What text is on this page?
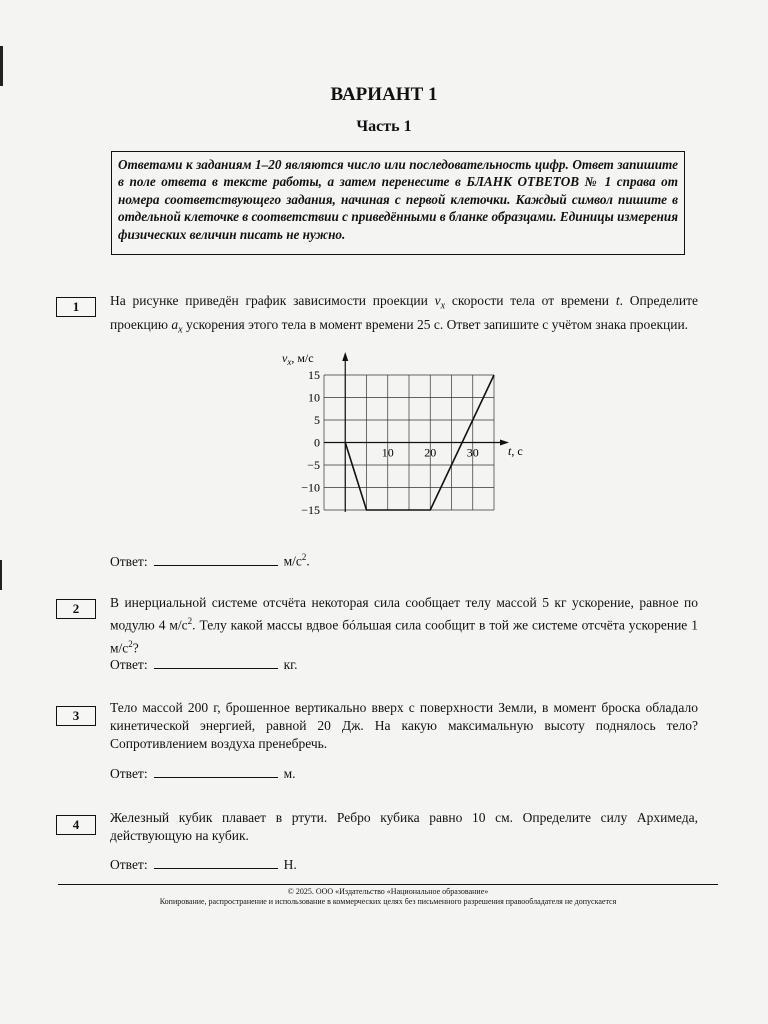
ВАРИАНТ 1
Часть 1
Ответами к заданиям 1–20 являются число или последовательность цифр. Ответ запишите в поле ответа в тексте работы, а затем перенесите в БЛАНК ОТВЕТОВ № 1 справа от номера соответствующего задания, начиная с первой клеточки. Каждый символ пишите в отдельной клеточке в соответствии с приведёнными в бланке образцами. Единицы измерения физических величин писать не нужно.
1	На рисунке приведён график зависимости проекции $v_x$ скорости тела от времени t. Определите проекцию $a_x$ ускорения этого тела в момент времени 25 с. Ответ запишите с учётом знака проекции.
15
10
5
0
−5
−10
−15
10	20	30
$v_x$, м/с
t, с
Ответ:	$м/с^2$.
2	В инерциальной системе отсчёта некоторая сила сообщает телу массой 5 кг ускорение, равное по модулю 4 $м/с^2$. Телу какой массы вдвое бóльшая сила сообщит в той же системе отсчёта ускорение 1 $м/с^2$?
Ответ:	кг.
3
Тело массой 200 г, брошенное вертикально вверх с поверхности Земли, в момент броска обладало кинетической энергией, равной 20 Дж. На какую максимальную высоту поднялось тело? Сопротивлением воздуха пренебречь.
Ответ:	м.
4	Железный кубик плавает в ртути. Ребро кубика равно 10 см. Определите силу Архимеда, действующую на кубик.
Ответ:	Н.
© 2025. ООО «Издательство «Национальное образование»
Копирование, распространение и использование в коммерческих целях без письменного разрешения правообладателя не допускается
